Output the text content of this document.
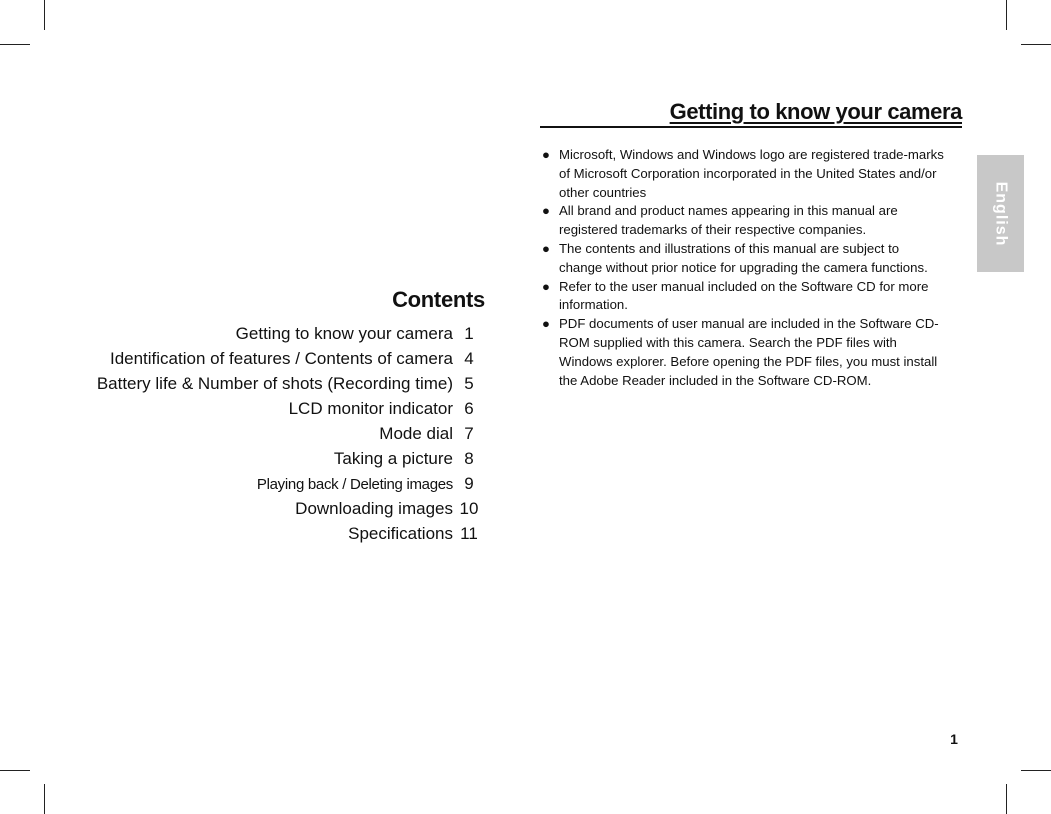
Contents
Getting to know your camera 1
Identification of features / Contents of camera 4
Battery life & Number of shots (Recording time) 5
LCD monitor indicator 6
Mode dial 7
Taking a picture 8
Playing back / Deleting images 9
Downloading images 10
Specifications 11
Getting to know your camera
● Microsoft, Windows and Windows logo are registered trade-marks of Microsoft Corporation incorporated in the United States and/or other countries
● All brand and product names appearing in this manual are registered trademarks of their respective companies.
● The contents and illustrations of this manual are subject to change without prior notice for upgrading the camera functions.
● Refer to the user manual included on the Software CD for more information.
● PDF documents of user manual are included in the Software CD-ROM supplied with this camera. Search the PDF files with Windows explorer. Before opening the PDF files, you must install the Adobe Reader included in the Software CD-ROM.
English
1
